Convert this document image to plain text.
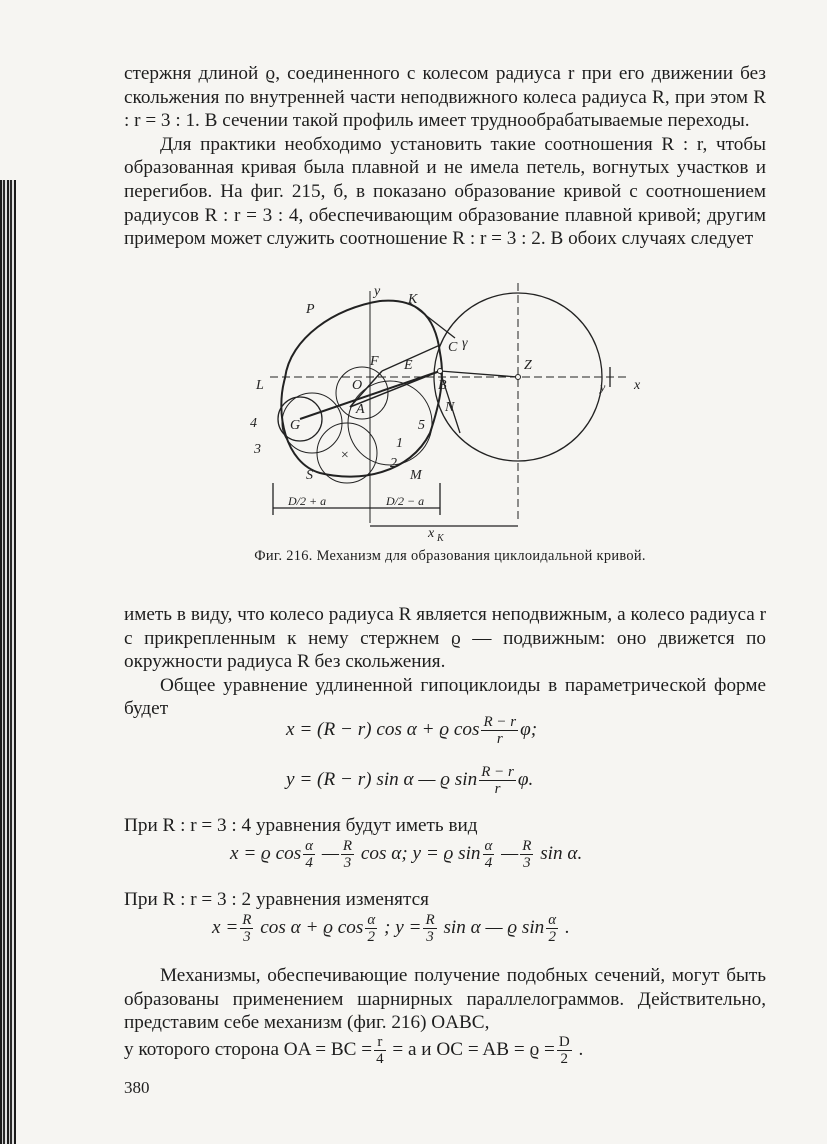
стержня длиной ϱ, соединенного с колесом радиуса r при его движении без скольжения по внутренней части неподвижного колеса радиуса R, при этом R : r = 3 : 1. В сечении такой профиль имеет труднообрабатываемые переходы.

Для практики необходимо установить такие соотношения R : r, чтобы образованная кривая была плавной и не имела петель, вогнутых участков и перегибов. На фиг. 215, б, в показано образование кривой с соотношением радиусов R : r = 3 : 4, обеспечивающим образование плавной кривой; другим примером может служить соотношение R : r = 3 : 2. В обоих случаях следует

y
x
P
K
C γ
Z
F E
O	B
A	N
L
G
4
3
5
1
2
S	M
×
y
D/2 + a	D/2 − a
x K
Фиг. 216. Механизм для образования циклоидальной кривой.

иметь в виду, что колесо радиуса R является неподвижным, а колесо радиуса r с прикрепленным к нему стержнем ϱ — подвижным: оно движется по окружности радиуса R без скольжения.

Общее уравнение удлиненной гипоциклоиды в параметрической форме будет

x = (R − r) cos α + ϱ $\cos \frac{R - r}{r} \varphi$;
y = (R − r) sin α — ϱ $\sin \frac{R - r}{r} \varphi$.

При R : r = 3 : 4 уравнения будут иметь вид

x = ϱ $\cos \frac{\alpha}{4}$ — $\frac{R}{3}$ cos α; y = ϱ $\sin \frac{\alpha}{4}$ — $\frac{R}{3}$ sin α.

При R : r = 3 : 2 уравнения изменятся

$x = \frac{R}{3}$ cos α + ϱ $\cos \frac{\alpha}{2}$ ; $y = \frac{R}{3}$ sin α — ϱ $\sin \frac{\alpha}{2}$ .

Механизмы, обеспечивающие получение подобных сечений, могут быть образованы применением шарнирных параллелограммов. Действительно, представим себе механизм (фиг. 216) OABC,

у которого сторона OA = BC = $\frac{r}{4} = a$ и OC = AB = $ϱ = \frac{D}{2}$ .
380
